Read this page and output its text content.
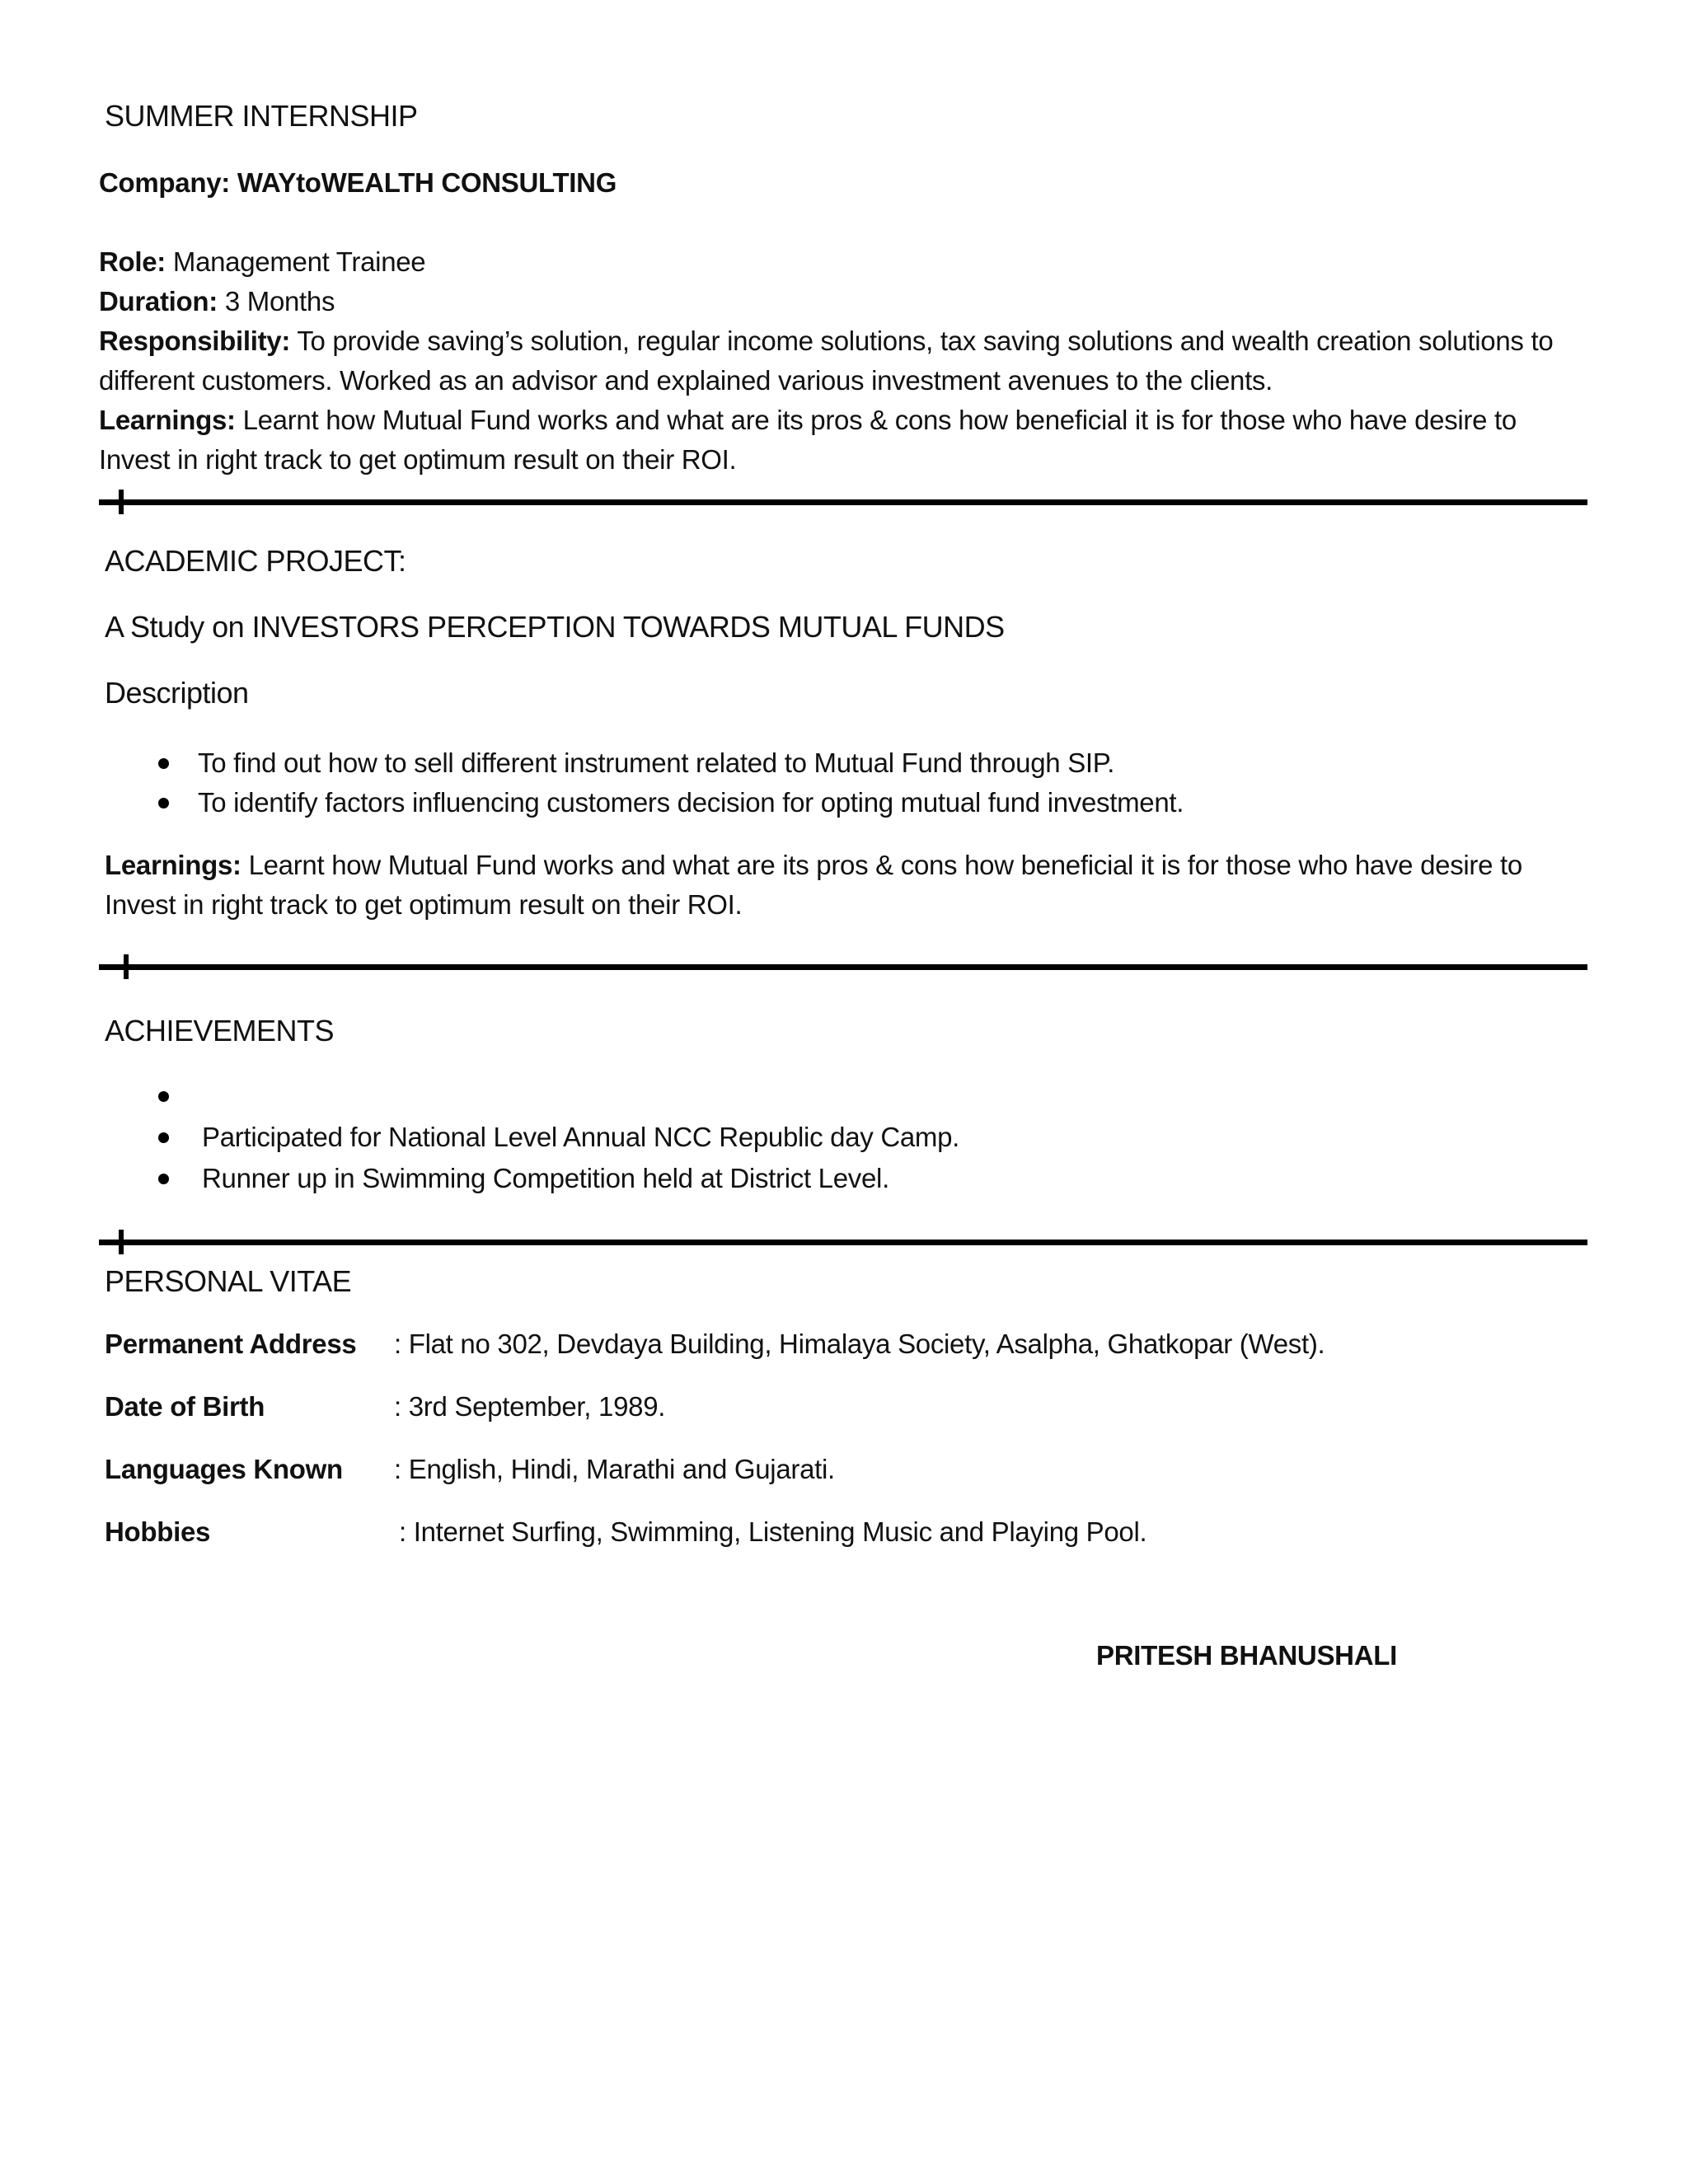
SUMMER INTERNSHIP
Company: WAYtoWEALTH CONSULTING
Role: Management Trainee
Duration: 3 Months
Responsibility: To provide saving’s solution, regular income solutions, tax saving solutions and wealth creation solutions to different customers. Worked as an advisor and explained various investment avenues to the clients.
Learnings: Learnt how Mutual Fund works and what are its pros & cons how beneficial it is for those who have desire to Invest in right track to get optimum result on their ROI.
ACADEMIC PROJECT:
A Study on INVESTORS PERCEPTION TOWARDS MUTUAL FUNDS
Description
To find out how to sell different instrument related to Mutual Fund through SIP.
To identify factors influencing customers decision for opting mutual fund investment.
Learnings: Learnt how Mutual Fund works and what are its pros & cons how beneficial it is for those who have desire to Invest in right track to get optimum result on their ROI.
ACHIEVEMENTS
Participated for National Level Annual NCC Republic day Camp.
Runner up in Swimming Competition held at District Level.
PERSONAL VITAE
Permanent Address : Flat no 302, Devdaya Building, Himalaya Society, Asalpha, Ghatkopar (West).
Date of Birth	: 3rd September, 1989.
Languages Known : English, Hindi, Marathi and Gujarati.
Hobbies	: Internet Surfing, Swimming, Listening Music and Playing Pool.
PRITESH BHANUSHALI
